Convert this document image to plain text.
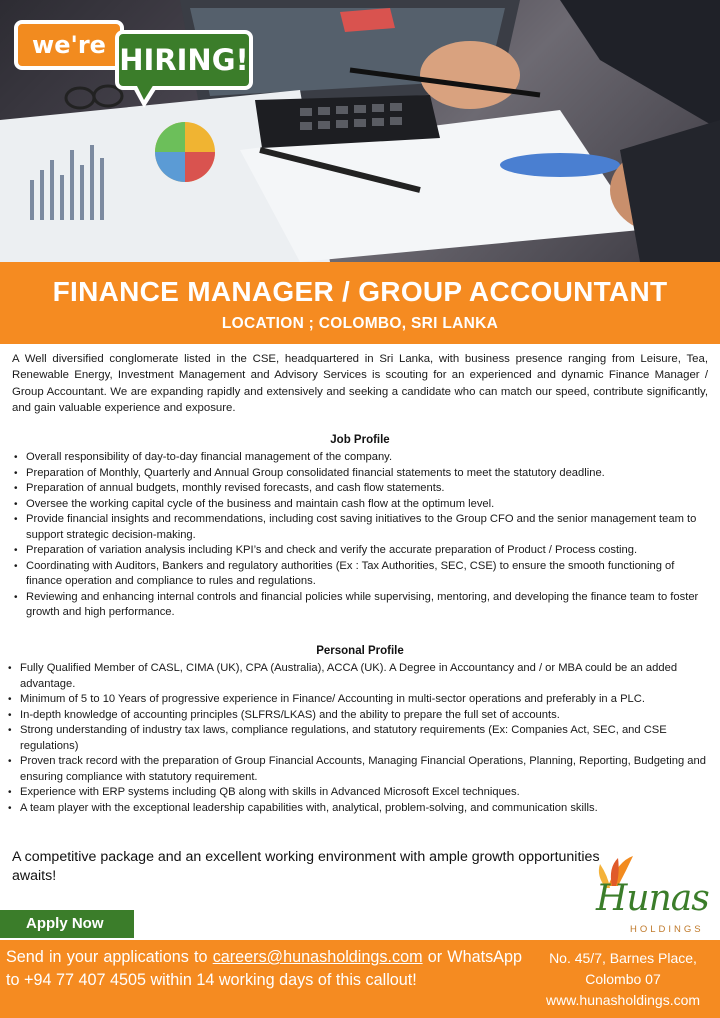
we're HIRING!
FINANCE MANAGER / GROUP ACCOUNTANT
LOCATION ; COLOMBO, SRI LANKA

A Well diversified conglomerate listed in the CSE, headquartered in Sri Lanka, with business presence ranging from Leisure, Tea, Renewable Energy, Investment Management and Advisory Services is scouting for an experienced and dynamic Finance Manager / Group Accountant. We are expanding rapidly and extensively and seeking a candidate who can match our speed, contribute significantly, and gain valuable experience and exposure.

Job Profile
• Overall responsibility of day-to-day financial management of the company.
• Preparation of Monthly, Quarterly and Annual Group consolidated financial statements to meet the statutory deadline.
• Preparation of annual budgets, monthly revised forecasts, and cash flow statements.
• Oversee the working capital cycle of the business and maintain cash flow at the optimum level.
• Provide financial insights and recommendations, including cost saving initiatives to the Group CFO and the senior management team to support strategic decision-making.
• Preparation of variation analysis including KPI’s and check and verify the accurate preparation of Product / Process costing.
• Coordinating with Auditors, Bankers and regulatory authorities (Ex : Tax Authorities, SEC, CSE) to ensure the smooth functioning of finance operation and compliance to rules and regulations.
• Reviewing and enhancing internal controls and financial policies while supervising, mentoring, and developing the finance team to foster growth and high performance.
Personal Profile
• Fully Qualified Member of CASL, CIMA (UK), CPA (Australia), ACCA (UK). A Degree in Accountancy and / or MBA could be an added advantage.
• Minimum of 5 to 10 Years of progressive experience in Finance/ Accounting in multi-sector operations and preferably in a PLC.
• In-depth knowledge of accounting principles (SLFRS/LKAS) and the ability to prepare the full set of accounts.
• Strong understanding of industry tax laws, compliance regulations, and statutory requirements (Ex: Companies Act, SEC, and CSE regulations)
• Proven track record with the preparation of Group Financial Accounts, Managing Financial Operations, Planning, Reporting, Budgeting and ensuring compliance with statutory requirement.
• Experience with ERP systems including QB along with skills in Advanced Microsoft Excel techniques.
• A team player with the exceptional leadership capabilities with, analytical, problem-solving, and communication skills.

A competitive package and an excellent working environment with ample growth opportunities awaits!

Hunas
HOLDINGS
Apply Now

Send in your applications to careers@hunasholdings.com or WhatsApp to +94 77 407 4505 within 14 working days of this callout!

No. 45/7, Barnes Place,
Colombo 07
www.hunasholdings.com
